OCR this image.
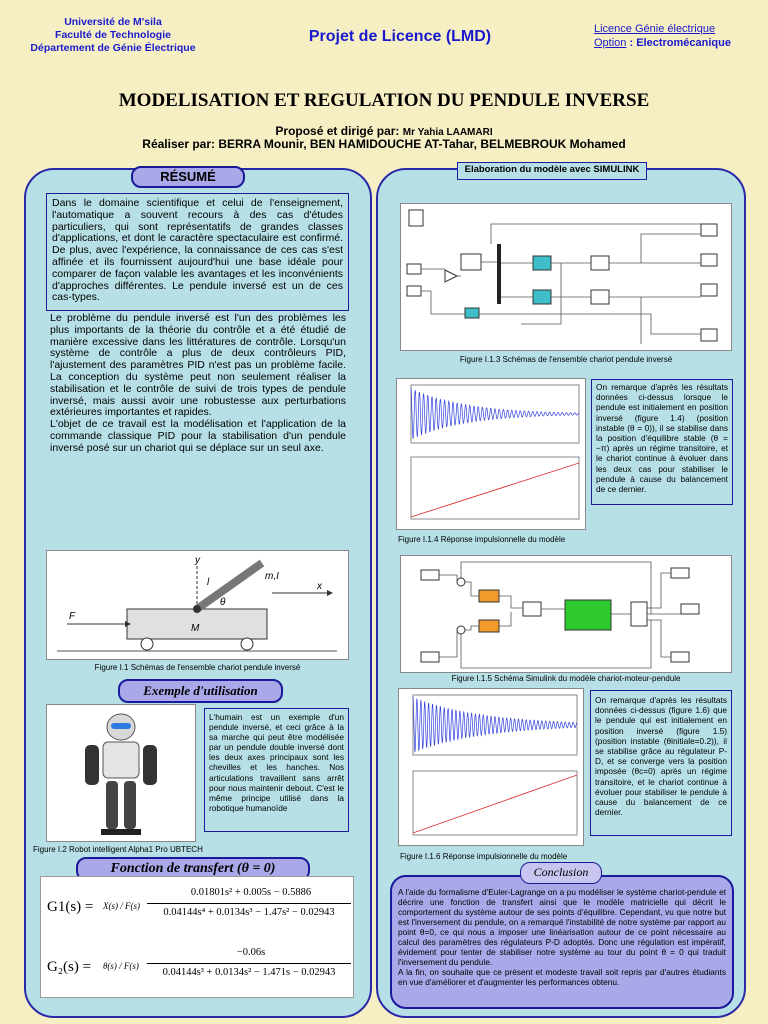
Université de M'sila
Faculté de Technologie
Département de Génie Électrique
Projet de Licence (LMD)	Licence Génie électrique
Option : Electromécanique
MODELISATION ET REGULATION DU PENDULE INVERSE
Proposé et dirigé par: Mr Yahia LAAMARI
Réaliser par: BERRA Mounir, BEN HAMIDOUCHE AT-Tahar, BELMEBROUK Mohamed
RÉSUMÉ

Dans le domaine scientifique et celui de l'enseignement, l'automatique a souvent recours à des cas d'études particuliers, qui sont représentatifs de grandes classes d'applications, et dont le caractère spectaculaire est confirmé. De plus, avec l'expérience, la connaissance de ces cas s'est affinée et ils fournissent aujourd'hui une base idéale pour comparer de façon valable les avantages et les inconvénients d'approches différentes. Le pendule inversé est un de ces cas-types.

Le problème du pendule inversé est l'un des problèmes les plus importants de la théorie du contrôle et a été étudié de manière excessive dans les littératures de contrôle. Lorsqu'un système de contrôle a plus de deux contrôleurs PID, l'ajustement des paramètres PID n'est pas un problème facile. La conception du système peut non seulement réaliser la stabilisation et le contrôle de suivi de trois types de pendule inversé, mais aussi avoir une robustesse aux perturbations extérieures importantes et rapides.

L'objet de ce travail est la modélisation et l'application de la commande classique PID pour la stabilisation d'un pendule inversé posé sur un chariot qui se déplace sur un seul axe.

m,I
l
θ
M
x
F
y
Figure I.1 Schémas de l'ensemble chariot pendule inversé
Exemple d'utilisation

L'humain est un exemple d'un pendule inversé, et ceci grâce à la sa marche qui peut être modélisée par un pendule double inversé dont les deux axes principaux sont les chevilles et les hanches. Nos articulations travaillent sans arrêt pour nous maintenir debout. C'est le même principe utilisé dans la robotique humanoïde

Figure I.2 Robot intelligent Alpha1 Pro UBTECH
Fonction de transfert (θ = 0)
G1(s) = X(s) / F(s)
0.01801s² + 0.005s − 0.5886
0.04144s⁴ + 0.0134s³ − 1.47s² − 0.02943
G₂(s) = θ(s) / F(s)
−0.06s
0.04144s³ + 0.0134s² − 1.471s − 0.02943
Elaboration du modèle avec SIMULINK
Figure I.1.3 Schémas de l'ensemble chariot pendule inversé

On remarque d'après les résultats données ci-dessus lorsque le pendule est initialement en position inversé (figure 1.4) (position instable (θ = 0)), il se stabilise dans la position d'équilibre stable (θ = −π) après un régime transitoire, et le chariot continue à évoluer dans les deux cas pour stabiliser le pendule à cause du balancement de ce dernier.

Figure I.1.4 Réponse impulsionnelle du modèle
Figure I.1.5 Schéma Simulink du modèle chariot-moteur-pendule

On remarque d'après les résultats données ci-dessus (figure 1.6) que le pendule qui est initialement en position inversé (figure 1.5) (position instable (θinitiale=0.2)), il se stabilise grâce au régulateur P-D, et se converge vers la position imposée (θc=0) après un régime transitoire, et le chariot continue à évoluer pour stabiliser le pendule à cause du balancement de ce dernier.

Figure I.1.6 Réponse impulsionnelle du modèle

A l'aide du formalisme d'Euler-Lagrange on a pu modéliser le système chariot-pendule et décrire une fonction de transfert ainsi que le modèle matricielle qui décrit le comportement du système autour de ses points d'équilibre. Cependant, vu que notre but est l'inversement du pendule, on a remarqué l'instabilité de notre système par rapport au point θ=0, ce qui nous a imposer une linéarisation autour de ce point nécessaire au calcul des paramètres des régulateurs P-D adoptés. Donc une régulation est impératif, évidement pour tenter de stabiliser notre système au tour du point θ = 0 qui traduit l'inversement du pendule.

A la fin, on souhaite que ce présent et modeste travail soit repris par d'autres étudiants en vue d'améliorer et d'augmenter les performances obtenu.

Conclusion
